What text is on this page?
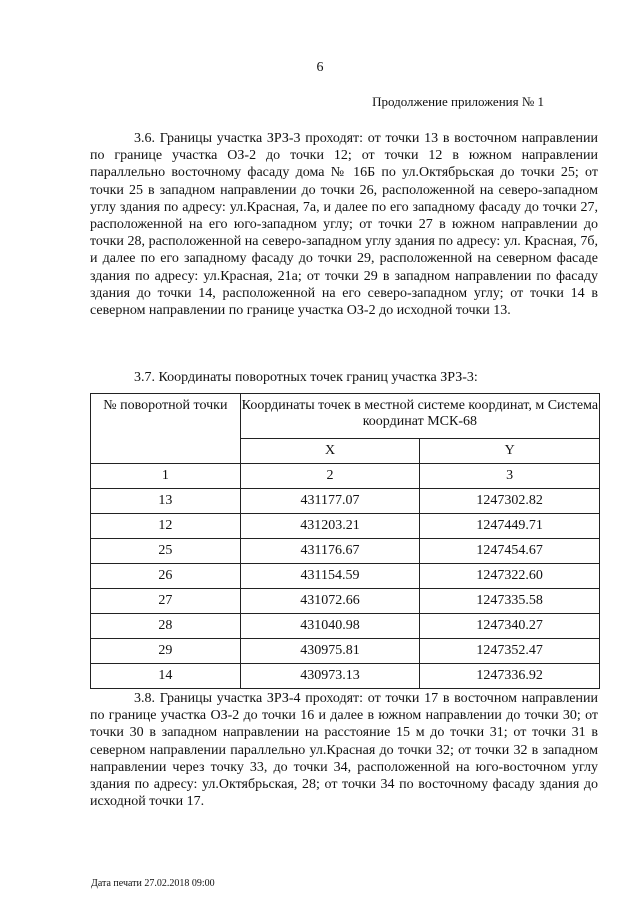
6
Продолжение приложения № 1

3.6. Границы участка ЗРЗ-3 проходят: от точки 13 в восточном направлении по границе участка ОЗ-2 до точки 12; от точки 12 в южном направлении параллельно восточному фасаду дома № 16Б по ул.Октябрьская до точки 25; от точки 25 в западном направлении до точки 26, расположенной на северо-западном углу здания по адресу: ул.Красная, 7а, и далее по его западному фасаду до точки 27, расположенной на его юго-западном углу; от точки 27 в южном направлении до точки 28, расположенной на северо-западном углу здания по адресу: ул. Красная, 7б, и далее по его западному фасаду до точки 29, расположенной на северном фасаде здания по адресу: ул.Красная, 21а; от точки 29 в западном направлении по фасаду здания до точки 14, расположенной на его северо-западном углу; от точки 14 в северном направлении по границе участка ОЗ-2 до исходной точки 13.

3.7. Координаты поворотных точек границ участка ЗРЗ-3:

№ поворотной точки	Координаты точек в местной системе координат, м Система координат МСК-68	
	X	Y
1	2	3
13	431177.07	1247302.82
12	431203.21	1247449.71
25	431176.67	1247454.67
26	431154.59	1247322.60
27	431072.66	1247335.58
28	431040.98	1247340.27
29	430975.81	1247352.47
14	430973.13	1247336.92

3.8. Границы участка ЗРЗ-4 проходят: от точки 17 в восточном направлении по границе участка ОЗ-2 до точки 16 и далее в южном направлении до точки 30; от точки 30 в западном направлении на расстояние 15 м до точки 31; от точки 31 в северном направлении параллельно ул.Красная до точки 32; от точки 32 в западном направлении через точку 33, до точки 34, расположенной на юго-восточном углу здания по адресу: ул.Октябрьская, 28; от точки 34 по восточному фасаду здания до исходной точки 17.

Дата печати 27.02.2018 09:00
